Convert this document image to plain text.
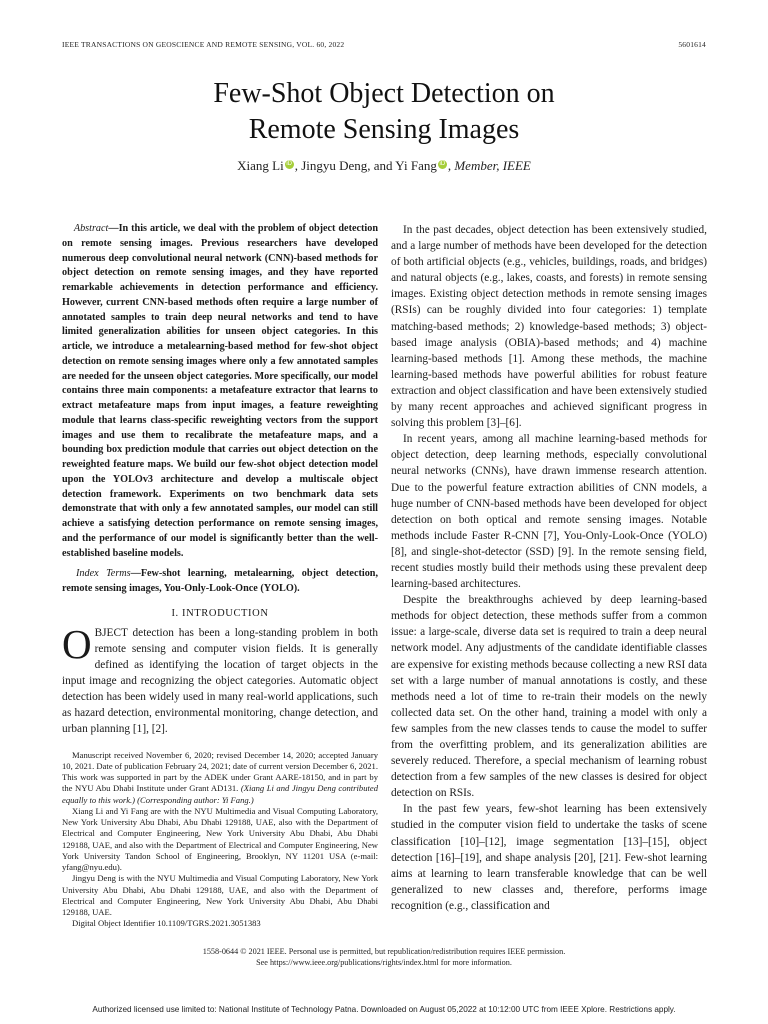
IEEE TRANSACTIONS ON GEOSCIENCE AND REMOTE SENSING, VOL. 60, 2022	5601614
Few-Shot Object Detection on
Remote Sensing Images
Xiang Li iD , Jingyu Deng, and Yi Fang iD , Member, IEEE
Abstract—In this article, we deal with the problem of object detection on remote sensing images. Previous researchers have developed numerous deep convolutional neural network (CNN)-based methods for object detection on remote sensing images, and they have reported remarkable achievements in detection performance and efficiency. However, current CNN-based methods often require a large number of annotated samples to train deep neural networks and tend to have limited generalization abilities for unseen object categories. In this article, we introduce a metalearning-based method for few-shot object detection on remote sensing images where only a few annotated samples are needed for the unseen object categories. More specifically, our model contains three main components: a metafeature extractor that learns to extract metafeature maps from input images, a feature reweighting module that learns class-specific reweighting vectors from the support images and use them to recalibrate the metafeature maps, and a bounding box prediction module that carries out object detection on the reweighted feature maps. We build our few-shot object detection model upon the YOLOv3 architecture and develop a multiscale object detection framework. Experiments on two benchmark data sets demonstrate that with only a few annotated samples, our model can still achieve a satisfying detection performance on remote sensing images, and the performance of our model is significantly better than the well-established baseline models.
Index Terms—Few-shot learning, metalearning, object detection, remote sensing images, You-Only-Look-Once (YOLO).
I. INTRODUCTION

OBJECT detection has been a long-standing problem in both remote sensing and computer vision fields. It is generally defined as identifying the location of target objects in the input image and recognizing the object categories. Automatic object detection has been widely used in many real-world applications, such as hazard detection, environmental monitoring, change detection, and urban planning [1], [2].

Manuscript received November 6, 2020; revised December 14, 2020; accepted January 10, 2021. Date of publication February 24, 2021; date of current version December 6, 2021. This work was supported in part by the ADEK under Grant AARE-18150, and in part by the NYU Abu Dhabi Institute under Grant AD131. (Xiang Li and Jingyu Deng contributed equally to this work.) (Corresponding author: Yi Fang.)

Xiang Li and Yi Fang are with the NYU Multimedia and Visual Computing Laboratory, New York University Abu Dhabi, Abu Dhabi 129188, UAE, also with the Department of Electrical and Computer Engineering, New York University Abu Dhabi, Abu Dhabi 129188, UAE, and also with the Department of Electrical and Computer Engineering, New York University Tandon School of Engineering, Brooklyn, NY 11201 USA (e-mail: yfang@nyu.edu).

Jingyu Deng is with the NYU Multimedia and Visual Computing Laboratory, New York University Abu Dhabi, Abu Dhabi 129188, UAE, and also with the Department of Electrical and Computer Engineering, New York University Abu Dhabi, Abu Dhabi 129188, UAE.

Digital Object Identifier 10.1109/TGRS.2021.3051383

In the past decades, object detection has been extensively studied, and a large number of methods have been developed for the detection of both artificial objects (e.g., vehicles, buildings, roads, and bridges) and natural objects (e.g., lakes, coasts, and forests) in remote sensing images. Existing object detection methods in remote sensing images (RSIs) can be roughly divided into four categories: 1) template matching-based methods; 2) knowledge-based methods; 3) object-based image analysis (OBIA)-based methods; and 4) machine learning-based methods [1]. Among these methods, the machine learning-based methods have powerful abilities for robust feature extraction and object classification and have been extensively studied by many recent approaches and achieved significant progress in solving this problem [3]–[6].

In recent years, among all machine learning-based methods for object detection, deep learning methods, especially convolutional neural networks (CNNs), have drawn immense research attention. Due to the powerful feature extraction abilities of CNN models, a huge number of CNN-based methods have been developed for object detection on both optical and remote sensing images. Notable methods include Faster R-CNN [7], You-Only-Look-Once (YOLO) [8], and single-shot-detector (SSD) [9]. In the remote sensing field, recent studies mostly build their methods using these prevalent deep learning-based architectures.

Despite the breakthroughs achieved by deep learning-based methods for object detection, these methods suffer from a common issue: a large-scale, diverse data set is required to train a deep neural network model. Any adjustments of the candidate identifiable classes are expensive for existing methods because collecting a new RSI data set with a large number of manual annotations is costly, and these methods need a lot of time to re-train their models on the newly collected data set. On the other hand, training a model with only a few samples from the new classes tends to cause the model to suffer from the overfitting problem, and its generalization abilities are severely reduced. Therefore, a special mechanism of learning robust detection from a few samples of the new classes is desired for object detection on RSIs.

In the past few years, few-shot learning has been extensively studied in the computer vision field to undertake the tasks of scene classification [10]–[12], image segmentation [13]–[15], object detection [16]–[19], and shape analysis [20], [21]. Few-shot learning aims at learning to learn transferable knowledge that can be well generalized to new classes and, therefore, performs image recognition (e.g., classification and

1558-0644 © 2021 IEEE. Personal use is permitted, but republication/redistribution requires IEEE permission.
See https://www.ieee.org/publications/rights/index.html for more information.
Authorized licensed use limited to: National Institute of Technology Patna. Downloaded on August 05,2022 at 10:12:00 UTC from IEEE Xplore. Restrictions apply.
